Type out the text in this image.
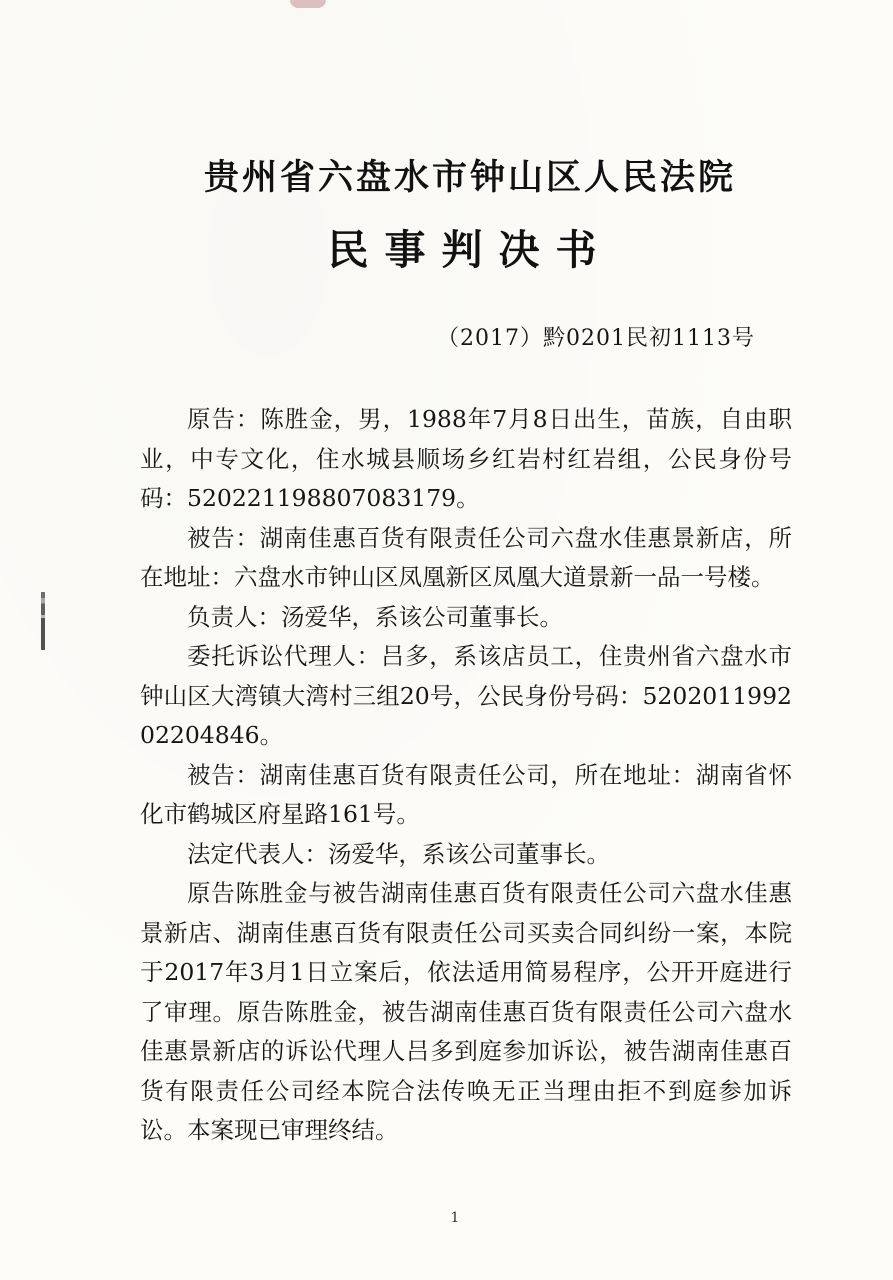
贵州省六盘水市钟山区人民法院
民事判决书
（2017）黔0201民初1113号

原告：陈胜金，男，1988年7月8日出生，苗族，自由职业，中专文化，住水城县顺场乡红岩村红岩组，公民身份号码：520221198807083179。

被告：湖南佳惠百货有限责任公司六盘水佳惠景新店，所在地址：六盘水市钟山区凤凰新区凤凰大道景新一品一号楼。

负责人：汤爱华，系该公司董事长。

委托诉讼代理人：吕多，系该店员工，住贵州省六盘水市钟山区大湾镇大湾村三组20号，公民身份号码：520201199202204846。

被告：湖南佳惠百货有限责任公司，所在地址：湖南省怀化市鹤城区府星路161号。

法定代表人：汤爱华，系该公司董事长。

原告陈胜金与被告湖南佳惠百货有限责任公司六盘水佳惠景新店、湖南佳惠百货有限责任公司买卖合同纠纷一案，本院于2017年3月1日立案后，依法适用简易程序，公开开庭进行了审理。原告陈胜金，被告湖南佳惠百货有限责任公司六盘水佳惠景新店的诉讼代理人吕多到庭参加诉讼，被告湖南佳惠百货有限责任公司经本院合法传唤无正当理由拒不到庭参加诉讼。本案现已审理终结。

1
